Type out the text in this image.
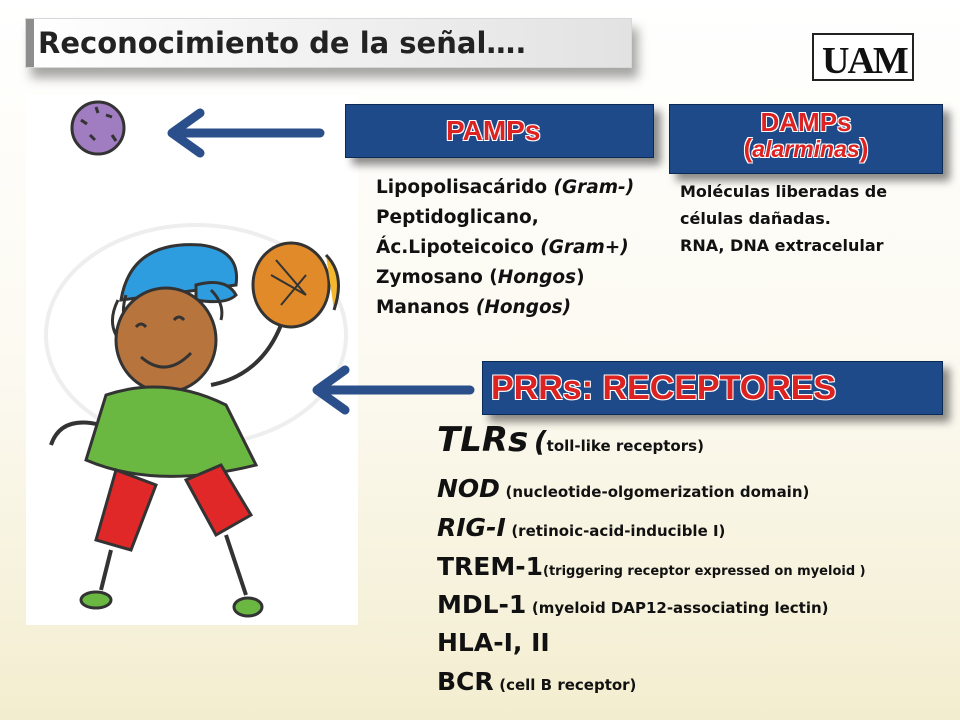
Reconocimiento de la señal….	UAM
PAMPs	DAMPs
(alarminas)
Lipopolisacárido (Gram-)
Peptidoglicano,
Ác.Lipoteicoico (Gram+)
Zymosano (Hongos)
Mananos (Hongos)
Moléculas liberadas de
células dañadas.
RNA, DNA extracelular
PRRs: RECEPTORES
TLRs (toll-like receptors)
NOD (nucleotide-olgomerization domain)
RIG-I (retinoic-acid-inducible I)
TREM-1(triggering receptor expressed on myeloid )
MDL-1 (myeloid DAP12-associating lectin)
HLA-I, II
BCR (cell B receptor)
